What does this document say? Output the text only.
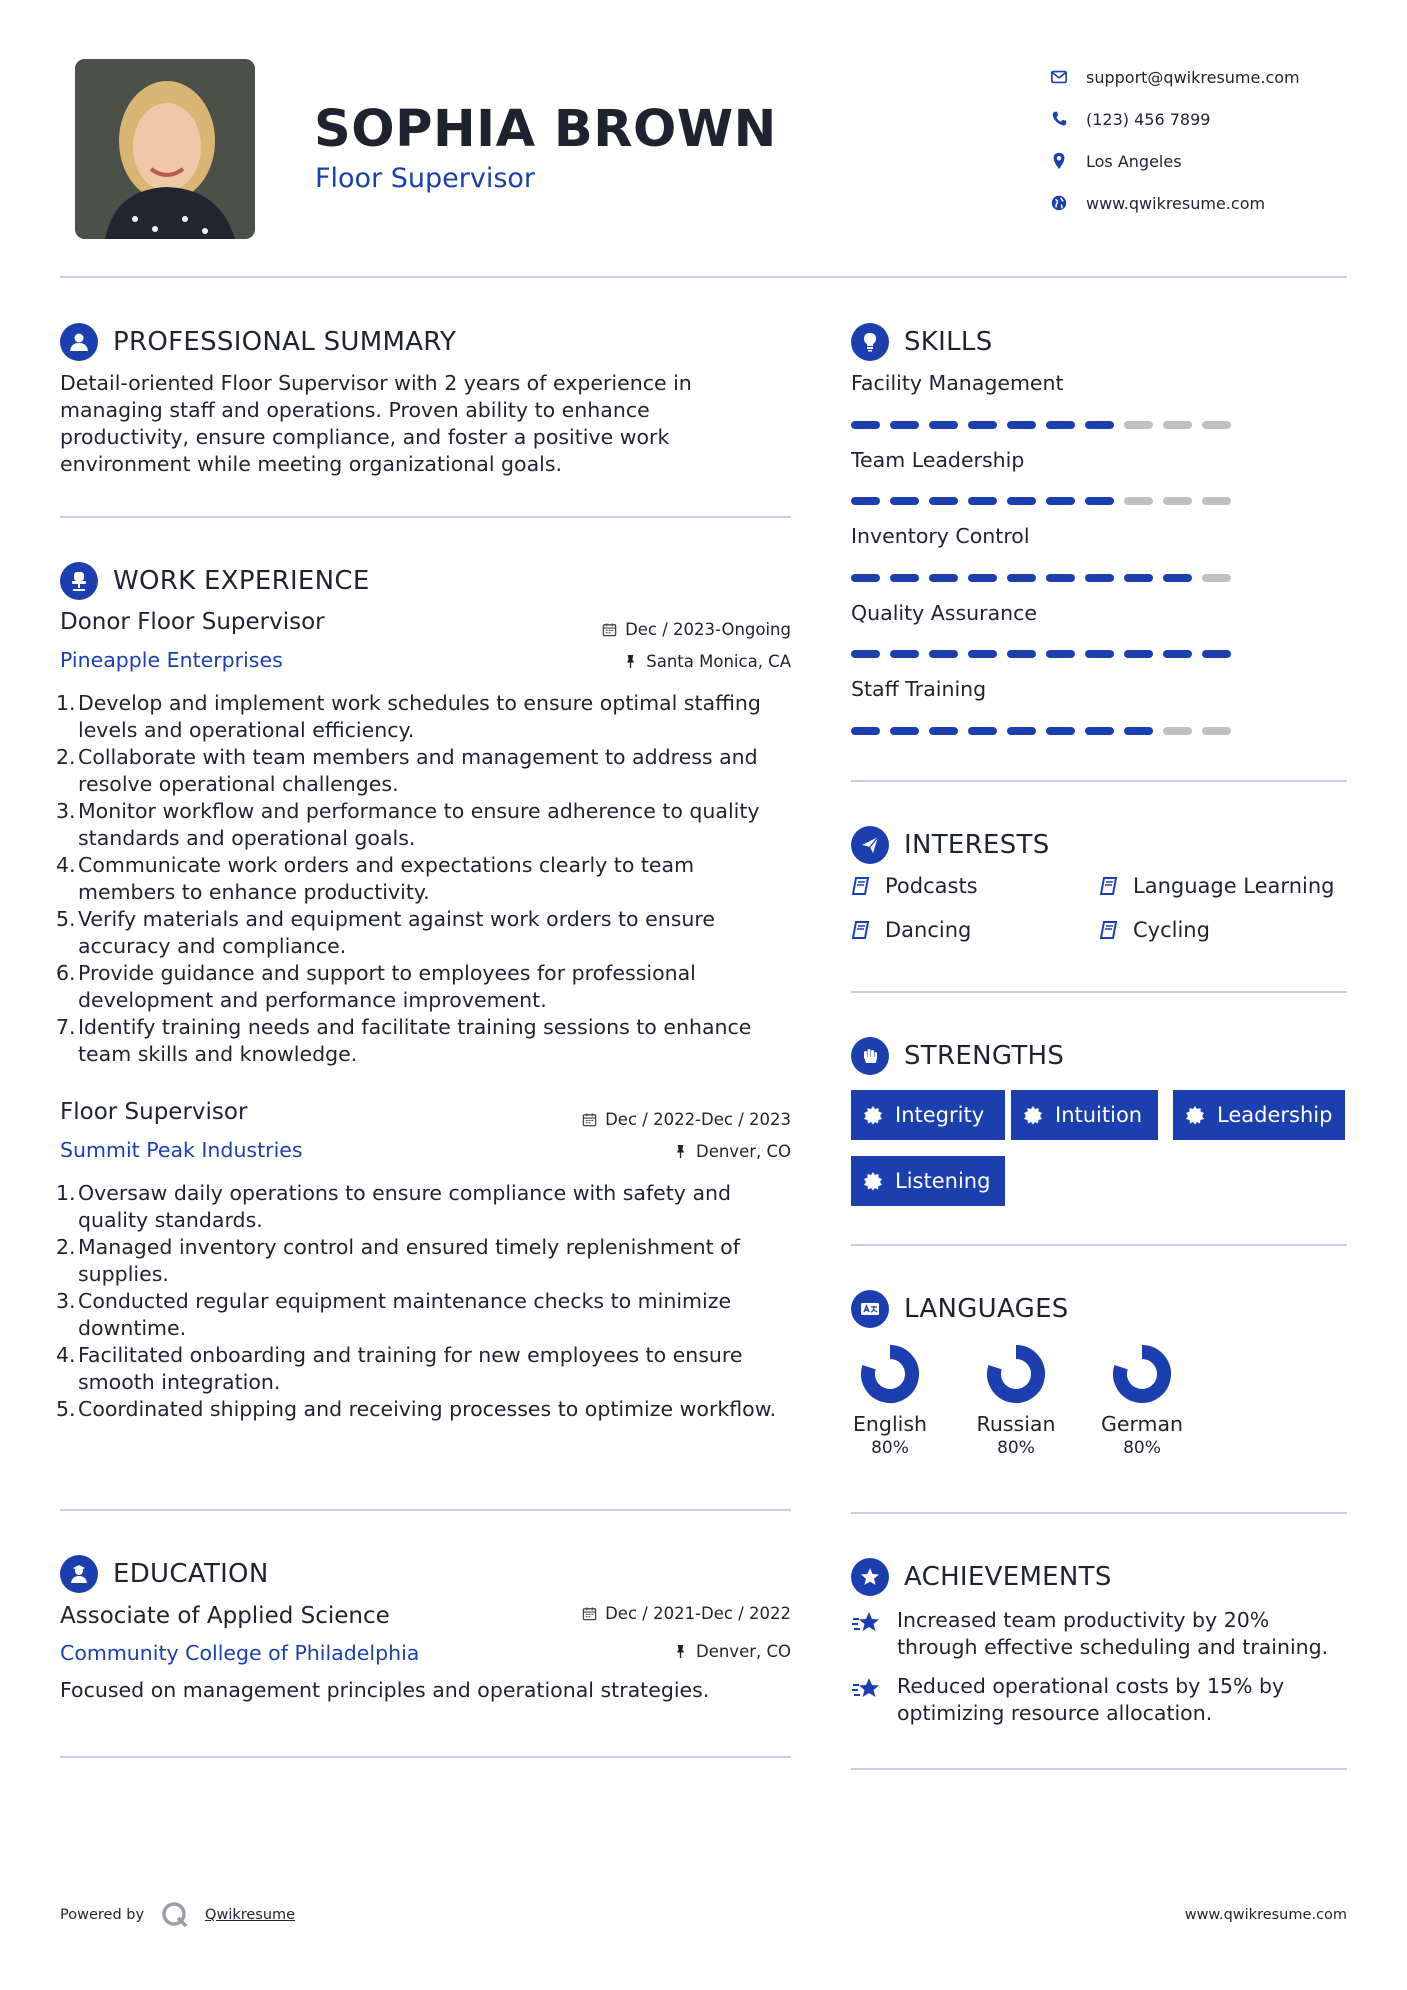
SOPHIA BROWN
Floor Supervisor
support@qwikresume.com
(123) 456 7899
Los Angeles
www.qwikresume.com
PROFESSIONAL SUMMARY
Detail-oriented Floor Supervisor with 2 years of experience in managing staff and operations. Proven ability to enhance productivity, ensure compliance, and foster a positive work environment while meeting organizational goals.
WORK EXPERIENCE
Donor Floor Supervisor	Dec / 2023-Ongoing
Pineapple Enterprises	Santa Monica, CA
Develop and implement work schedules to ensure optimal staffing levels and operational efficiency.
Collaborate with team members and management to address and resolve operational challenges.
Monitor workflow and performance to ensure adherence to quality standards and operational goals.
Communicate work orders and expectations clearly to team members to enhance productivity.
Verify materials and equipment against work orders to ensure accuracy and compliance.
Provide guidance and support to employees for professional development and performance improvement.
Identify training needs and facilitate training sessions to enhance team skills and knowledge.
Floor Supervisor	Dec / 2022-Dec / 2023
Summit Peak Industries	Denver, CO
Oversaw daily operations to ensure compliance with safety and quality standards.
Managed inventory control and ensured timely replenishment of supplies.
Conducted regular equipment maintenance checks to minimize downtime.
Facilitated onboarding and training for new employees to ensure smooth integration.
Coordinated shipping and receiving processes to optimize workflow.
EDUCATION
Associate of Applied Science	Dec / 2021-Dec / 2022
Community College of Philadelphia	Denver, CO
Focused on management principles and operational strategies.
SKILLS
Facility Management
Team Leadership
Inventory Control
Quality Assurance
Staff Training
INTERESTS
Podcasts	Language Learning
Dancing	Cycling
STRENGTHS
Integrity	Intuition	Leadership
Listening
LANGUAGES
English
80%
Russian
80%
German
80%
ACHIEVEMENTS
Increased team productivity by 20% through effective scheduling and training.
Reduced operational costs by 15% by optimizing resource allocation.
Powered by	Qwikresume	www.qwikresume.com
